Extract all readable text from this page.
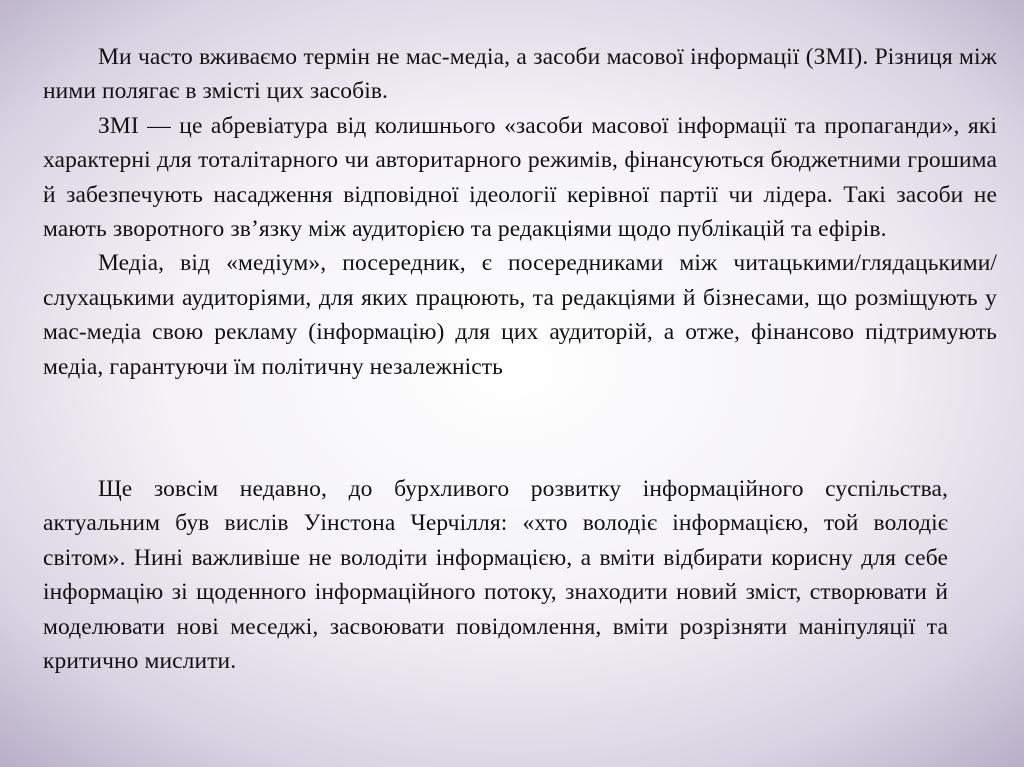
Ми часто вживаємо термін не мас-медіа, а засоби масової інформації (ЗМІ). Різниця між ними полягає в змісті цих засобів.

ЗМІ — це абревіатура від колишнього «засоби масової інформації та пропаганди», які характерні для тоталітарного чи авторитарного режимів, фінансуються бюджетними грошима й забезпечують насадження відповідної ідеології керівної партії чи лідера. Такі засоби не мають зворотного зв’язку між аудиторією та редакціями щодо публікацій та ефірів.

Медіа, від «медіум», посередник, є посередниками між читацькими/глядацькими/слухацькими аудиторіями, для яких працюють, та редакціями й бізнесами, що розміщують у мас-медіа свою рекламу (інформацію) для цих аудиторій, а отже, фінансово підтримують медіа, гарантуючи їм політичну незалежність

Ще зовсім недавно, до бурхливого розвитку інформаційного суспільства, актуальним був вислів Уінстона Черчілля: «хто володіє інформацією, той володіє світом». Нині важливіше не володіти інформацією, а вміти відбирати корисну для себе інформацію зі щоденного інформаційного потоку, знаходити новий зміст, створювати й моделювати нові меседжі, засвоювати повідомлення, вміти розрізняти маніпуляції та критично мислити.
